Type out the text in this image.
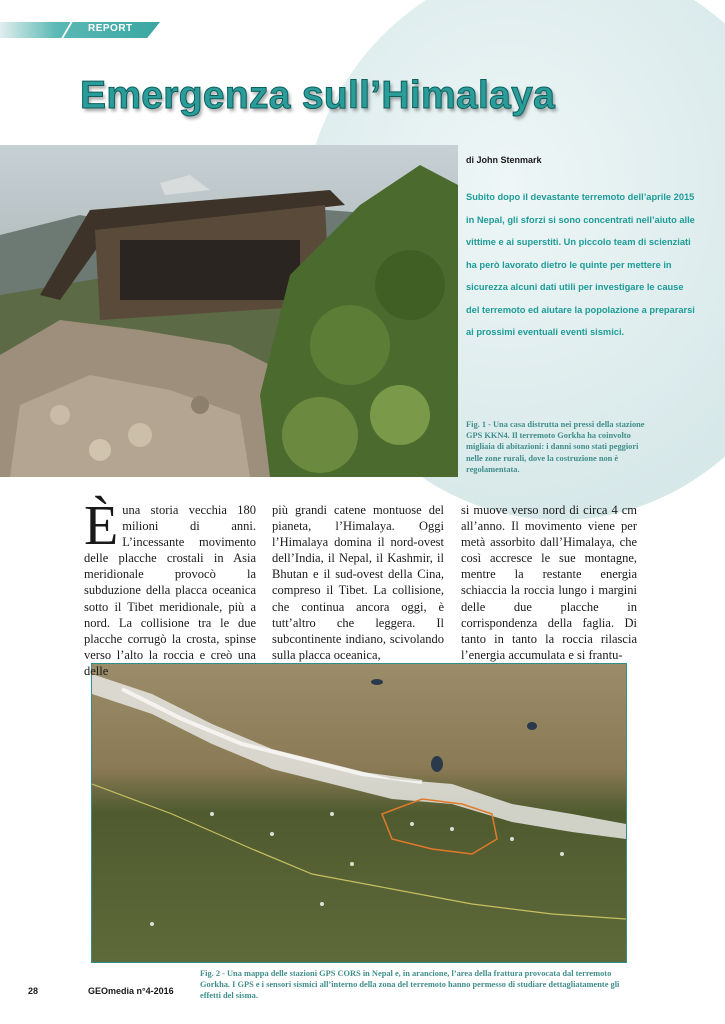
REPORT
Emergenza sull’Himalaya
di John Stenmark

Subito dopo il devastante terremoto dell’aprile 2015 in Nepal, gli sforzi si sono concentrati nell’aiuto alle vittime e ai superstiti. Un piccolo team di scienziati ha però lavorato dietro le quinte per mettere in sicurezza alcuni dati utili per investigare le cause del terremoto ed aiutare la popolazione a prepararsi ai prossimi eventuali eventi sismici.

Fig. 1 - Una casa distrutta nei pressi della stazione GPS KKN4. Il terremoto Gorkha ha coinvolto migliaia di abitazioni: i danni sono stati peggiori nelle zone rurali, dove la costruzione non è regolamentata.

È una storia vecchia 180 milioni di anni. L’incessante movimento delle placche crostali in Asia meridionale provocò la subduzione della placca oceanica sotto il Tibet meridionale, più a nord. La collisione tra le due placche corrugò la crosta, spinse verso l’alto la roccia e creò una delle
più grandi catene montuose del pianeta, l’Himalaya. Oggi l’Himalaya domina il nord-ovest dell’India, il Nepal, il Kashmir, il Bhutan e il sud-ovest della Cina, compreso il Tibet. La collisione, che continua ancora oggi, è tutt’altro che leggera. Il subcontinente indiano, scivolando sulla placca oceanica,
si muove verso nord di circa 4 cm all’anno. Il movimento viene per metà assorbito dall’Himalaya, che così accresce le sue montagne, mentre la restante energia schiaccia la roccia lungo i margini delle due placche in corrispondenza della faglia. Di tanto in tanto la roccia rilascia l’energia accumulata e si frantu-

Fig. 2 - Una mappa delle stazioni GPS CORS in Nepal e, in arancione, l’area della frattura provocata dal terremoto Gorkha. I GPS e i sensori sismici all’interno della zona del terremoto hanno permesso di studiare dettagliatamente gli effetti del sisma.

28	GEOmedia n°4-2016
